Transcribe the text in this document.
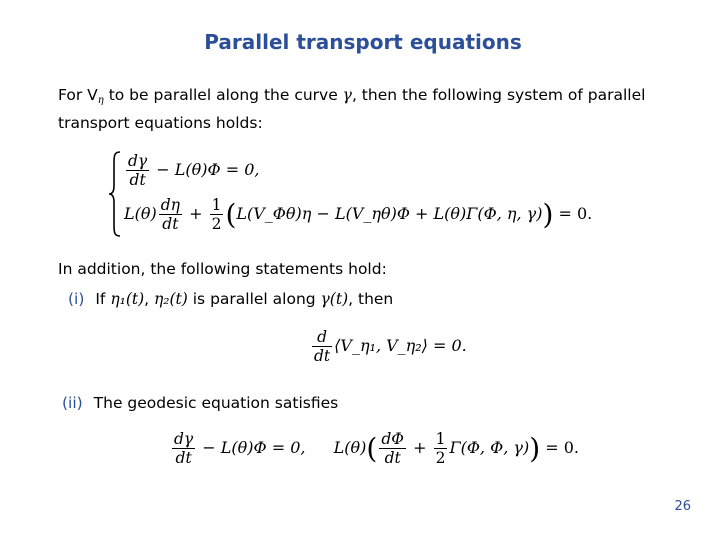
Parallel transport equations
For $V_\eta$ to be parallel along the curve γ, then the following system of parallel transport equations holds:
$\frac{d\gamma}{dt} - L(\theta)\Phi = 0$,
$L(\theta) \frac{d\eta}{dt} + \frac{1}{2}$ (L(V_Φθ)η − L(V_ηθ)Φ + L(θ)Γ(Φ, η, γ)) = 0.
In addition, the following statements hold:
(i) If η₁(t), η₂(t) is parallel along γ(t), then
$\frac{d}{dt}$ ⟨V_η₁, V_η₂⟩ = 0.
(ii) The geodesic equation satisfies
$\frac{d\gamma}{dt} - L(\theta)\Phi = 0$, $L(\theta)( \frac{d\Phi}{dt} + \frac{1}{2} \Gamma(\Phi$, Φ, γ)) = 0.
26
